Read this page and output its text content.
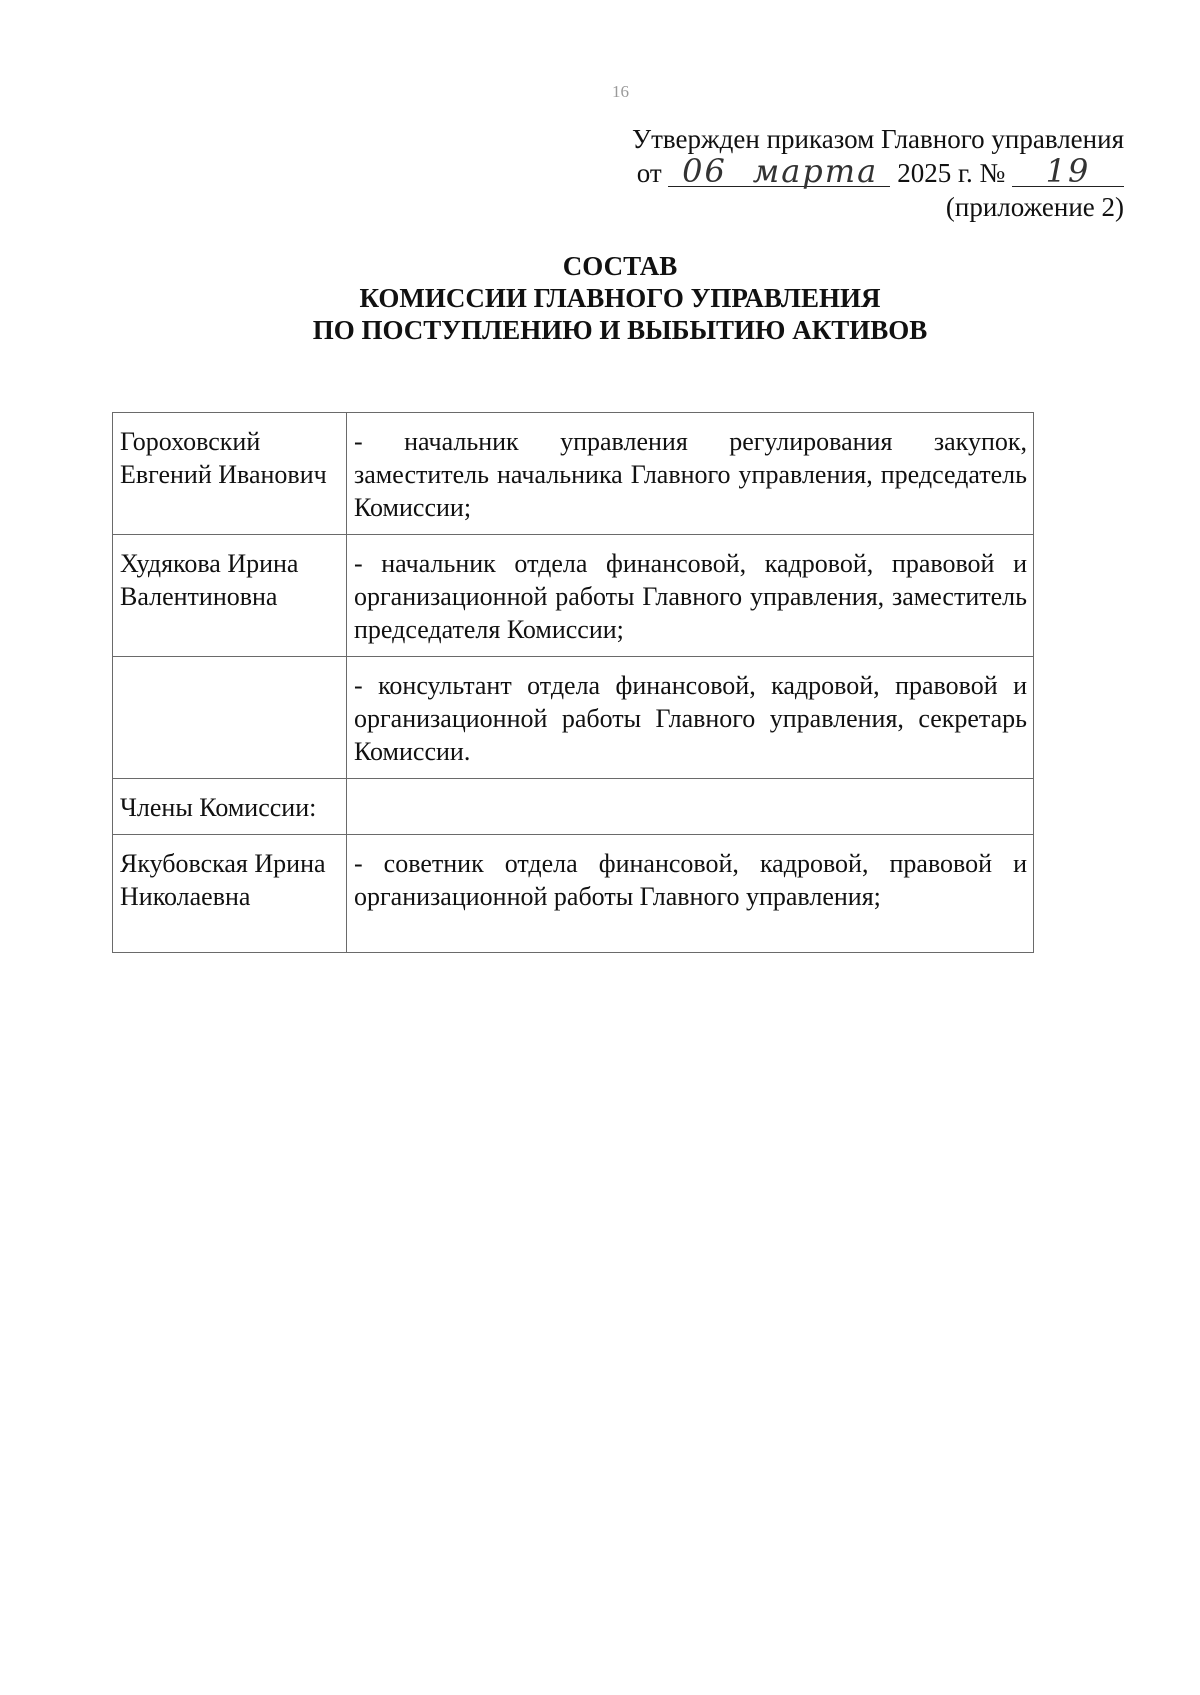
16
Утвержден приказом Главного управления
от 06 марта 2025 г. № 19
(приложение 2)
СОСТАВ
КОМИССИИ ГЛАВНОГО УПРАВЛЕНИЯ
ПО ПОСТУПЛЕНИЮ И ВЫБЫТИЮ АКТИВОВ
Гороховский Евгений Иванович	- начальник управления регулирования закупок, заместитель начальника Главного управления, председатель Комиссии;
Худякова Ирина Валентиновна	- начальник отдела финансовой, кадровой, правовой и организационной работы Главного управления, заместитель председателя Комиссии;
	- консультант отдела финансовой, кадровой, правовой и организационной работы Главного управления, секретарь Комиссии.
Члены Комиссии:	
Якубовская Ирина Николаевна	- советник отдела финансовой, кадровой, правовой и организационной работы Главного управления;
